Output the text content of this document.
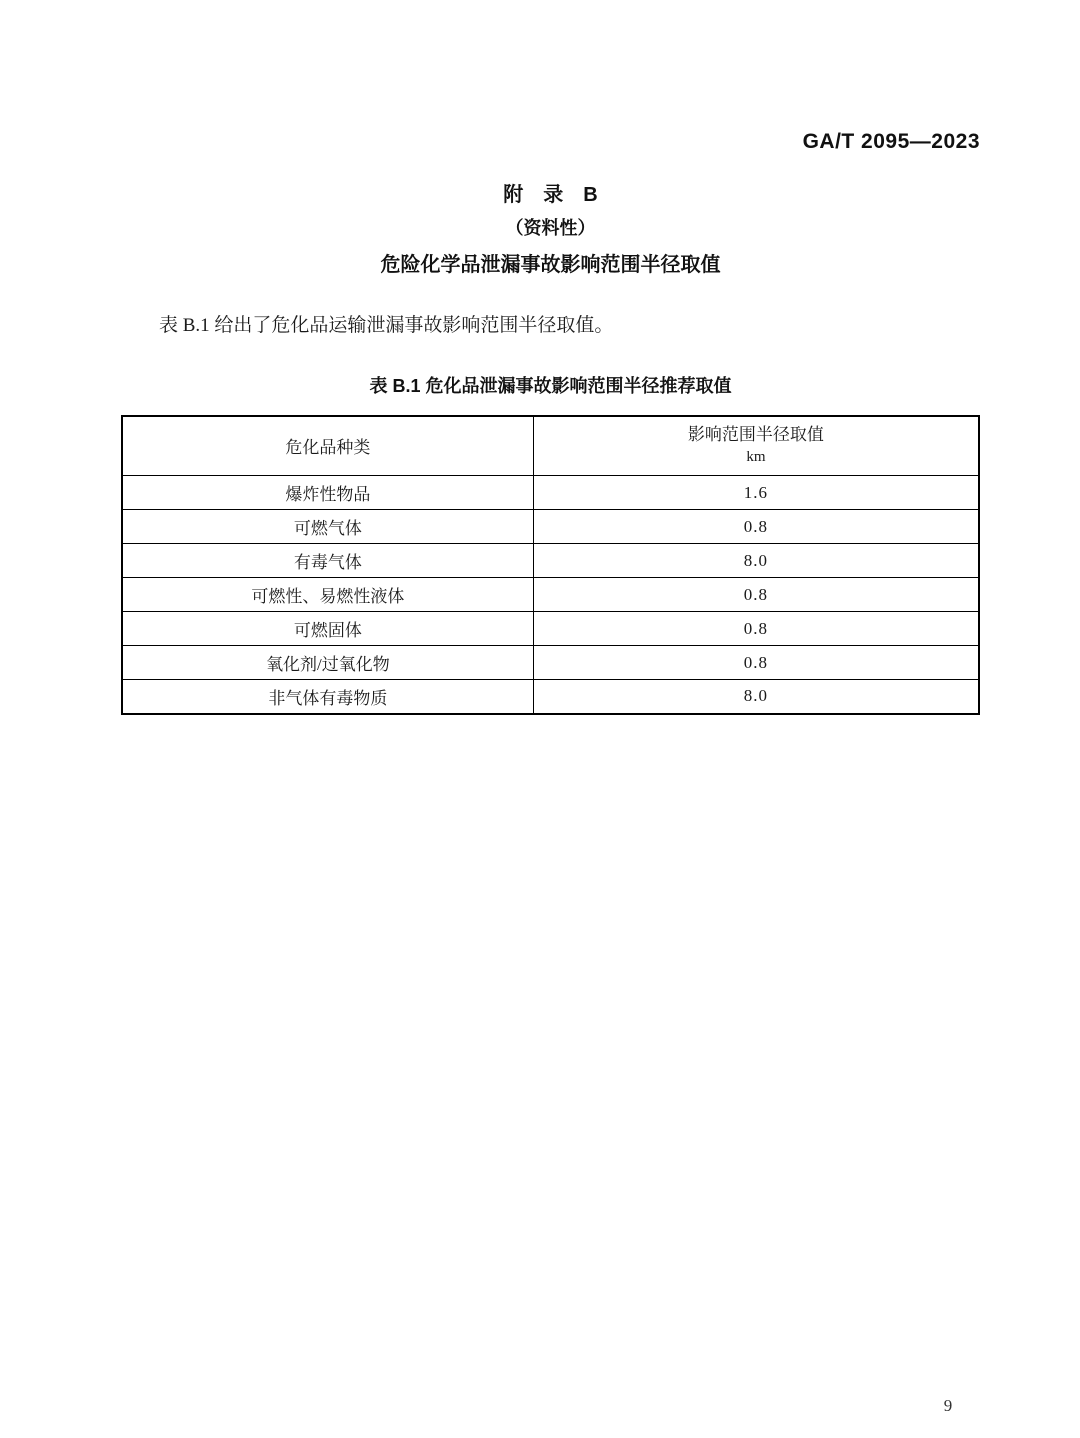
GA/T 2095—2023
附　录　B
（资料性）
危险化学品泄漏事故影响范围半径取值

表 B.1 给出了危化品运输泄漏事故影响范围半径取值。

表 B.1 危化品泄漏事故影响范围半径推荐取值
危化品种类	影响范围半径取值
km

爆炸性物品	1.6
可燃气体	0.8
有毒气体	8.0
可燃性、易燃性液体	0.8
可燃固体	0.8
氧化剂/过氧化物	0.8
非气体有毒物质	8.0
9
